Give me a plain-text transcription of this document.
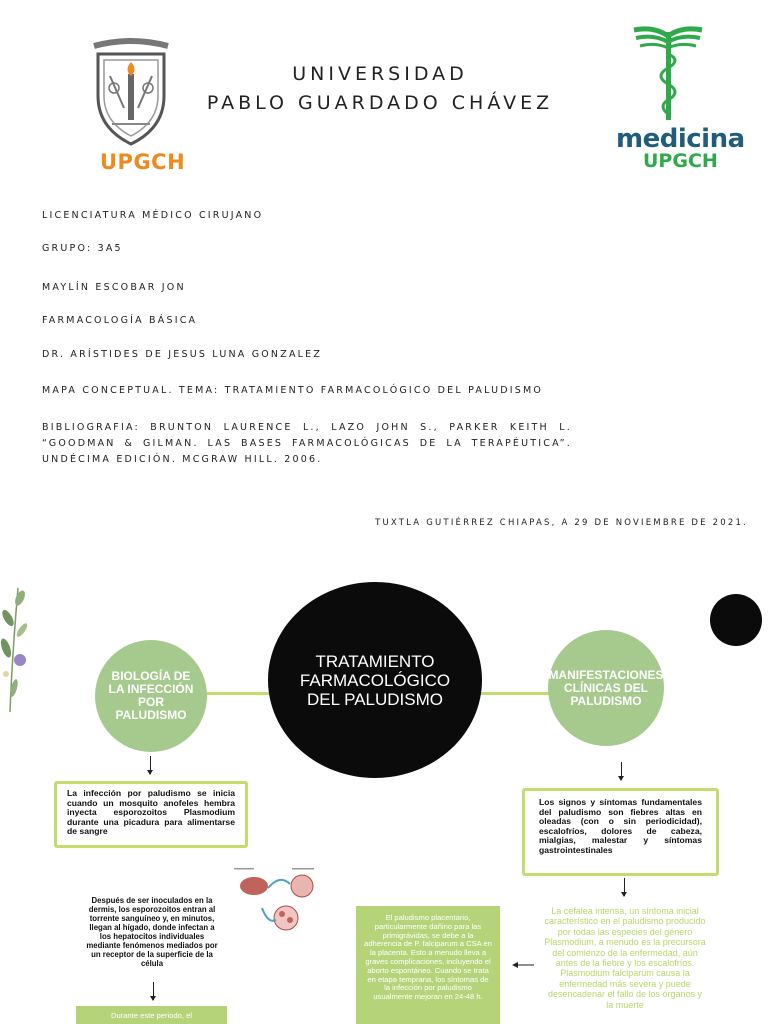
UPGCH
UNIVERSIDAD
PABLO GUARDADO CHÁVEZ
medicina
UPGCH
LICENCIATURA MÉDICO CIRUJANO
GRUPO: 3A5
MAYLÍN ESCOBAR JON
FARMACOLOGÍA BÁSICA
DR. ARÍSTIDES DE JESUS LUNA GONZALEZ
MAPA CONCEPTUAL. TEMA: TRATAMIENTO FARMACOLÓGICO DEL PALUDISMO
BIBLIOGRAFIA: BRUNTON LAURENCE L., LAZO JOHN S., PARKER KEITH L. “GOODMAN & GILMAN. LAS BASES FARMACOLÓGICAS DE LA TERAPÉUTICA”. UNDÉCIMA EDICIÓN. MCGRAW HILL. 2006.
TUXTLA GUTIÉRREZ CHIAPAS, A 29 DE NOVIEMBRE DE 2021.
BIOLOGÍA DE LA INFECCIÓN POR PALUDISMO
TRATAMIENTO FARMACOLÓGICO DEL PALUDISMO
MANIFESTACIONES CLÍNICAS DEL PALUDISMO
La infección por paludismo se inicia cuando un mosquito anofeles hembra inyecta esporozoitos Plasmodium durante una picadura para alimentarse de sangre
Después de ser inoculados en la dermis, los esporozoitos entran al torrente sanguíneo y, en minutos, llegan al hígado, donde infectan a los hepatocitos individuales mediante fenómenos mediados por un receptor de la superficie de la célula
Durante este periodo, el
Los signos y síntomas fundamentales del paludismo son fiebres altas en oleadas (con o sin periodicidad), escalofríos, dolores de cabeza, mialgias, malestar y síntomas gastrointestinales
La cefalea intensa, un síntoma inicial característico en el paludismo producido por todas las especies del género Plasmodium, a menudo es la precursora del comienzo de la enfermedad, aún antes de la fiebre y los escalofríos. Plasmodium falciparum causa la enfermedad más severa y puede desencadenar el fallo de los órganos y la muerte
El paludismo placentario, particularmente dañino para las primigrávidas, se debe a la adherencia de P. falciparum a CSA en la placenta. Esto a menudo lleva a graves complicaciones, incluyendo el aborto espontáneo. Cuando se trata en etapa temprana, los síntomas de la infección por paludismo usualmente mejoran en 24-48 h.
